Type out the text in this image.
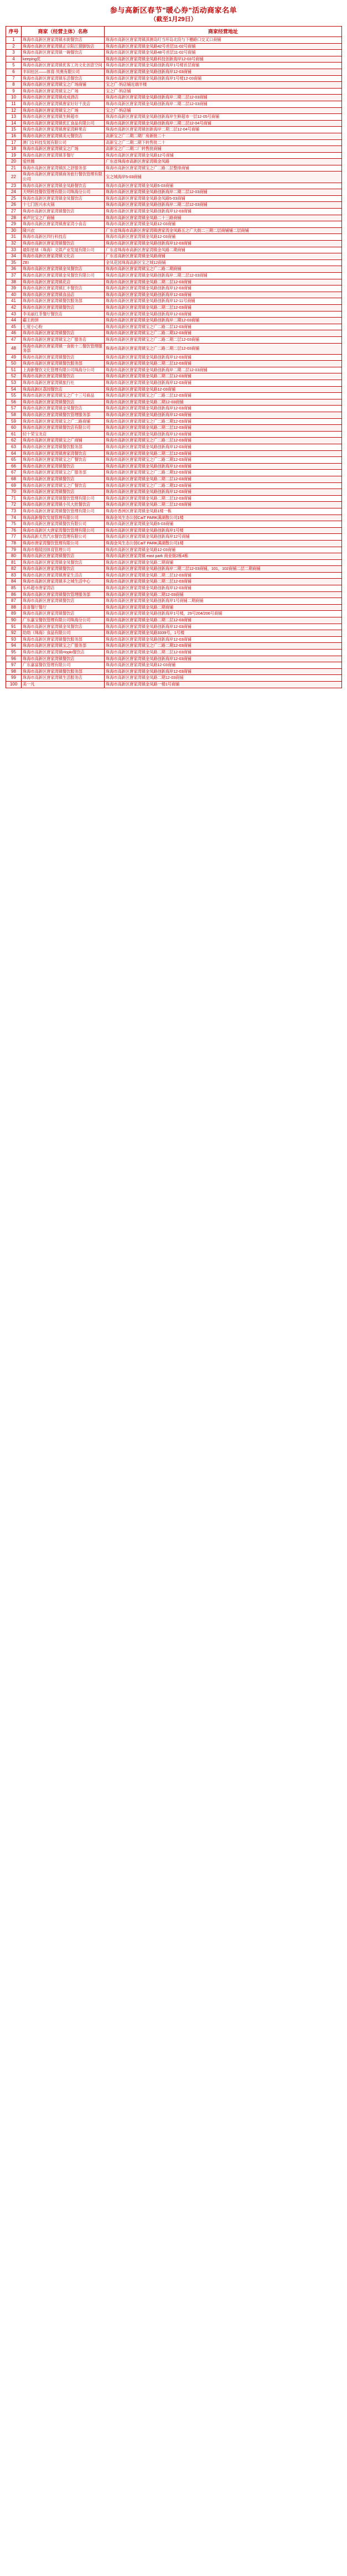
参与高新区春节"暖心券"活动商家名单
（截至1月29日）
序号	商家（经营主体）名称	商家经营地址
1	珠海市高新区唐家湾镇水街餐饮店	珠海市高新区唐家湾镇淇澳岛叮当环岛北段与下栅路口交叉口商铺
2	珠海市高新区唐家湾镇正宗阳江猪脚饭店	珠海市高新区唐家湾镇金凤路42号首层11-02号商铺
3	珠海市高新区唐家湾镇一碗餐饮店	珠海市高新区唐家湾镇金凤路48号首层11-02号商铺
4	keeping优	珠海市高新区唐家湾镇金凤路科技创新海岸12-03号商铺
5	珠海市高新区唐家湾镇优客工坊文化创意空间	珠海市高新区唐家湾镇金凤路创新海岸1号楼首层商铺
6	丰田社区——体育·贝奥有限公司	珠海市高新区唐家湾镇金凤路创新海岸12-03商铺
7	珠海市高新区唐家湾镇乐活餐饮店	珠海市高新区唐家湾镇金凤路创新海岸1号楼12-03商铺
8	珠海市高新区唐家湾镇宝之广场商铺	宝之广·妈店铺近端半楼
9	珠海市高新区唐家湾镇宝之广场	宝之广·妈店铺
10	珠海市高新区唐家湾镇成成酒店	珠海市高新区唐家湾镇金凤路创新海岸二期二层12-03商铺
11	珠海市高新区唐家湾镇唐家好好干洗店	珠海市高新区唐家湾镇金凤路创新海岸二期二层12-03商铺
12	珠海市高新区唐家湾镇宝之广场	宝之广·妈店铺
13	珠海市高新区唐家湾镇生鲜超市	珠海市高新区唐家湾镇金凤路创新海岸生鲜超市一层12-05号商铺
14	珠海市高新区唐家湾镇优汇食品有限公司	珠海市高新区唐家湾镇金凤路创新海岸二期二层12-04号商铺
15	珠海市高新区唐家湾镇唐家湾鲜果店	珠海市高新区唐家湾镇创新海岸二期二层12-04号商铺
16	珠海市高新区唐家湾镇美元餐饮店	高新宝之广二期二期厂房新批二十
17	澳门女科技发展有限公司	高新宝之广二期二期下转售批二十
18	珠海市高新区唐家湾镇宝之广场	高新宝之广二期二厂转售批商铺
19	珠海市高新区唐家湾镇茶餐厅	珠海市高新区唐家湾镇金凤路12号商铺
20	爱丝薇	广东省珠海市高新区唐家湾镇金凤路
21	珠海市高新区唐家湾镇医之舒服务部	珠海市高新区唐家湾镇宝之广二路二层整排商铺
22	珠海市高新区唐家湾镇商务旅行餐饮管理有限公司	宝之城海岸5-03商铺
23	珠海市高新区唐家湾镇金凤路餐饮店	珠海市高新区唐家湾镇金凤路5-03商铺
24	天明科技餐饮管理有限公司珠海分公司	珠海市高新区唐家湾镇金凤路创新海岸二期二层12-03商铺
25	珠海市高新区唐家湾镇金凤餐饮店	珠海市高新区唐家湾镇金凤路金凤路5-03商铺
26	十七门医兴水火锅	珠海市高新区唐家湾镇金凤路创新海岸二期二层12-03商铺
27	珠海市高新区唐家湾镇餐饮店	珠海市高新区唐家湾镇金凤路创新海岸12-03商铺
28	承声比宝之广商铺	珠海市高新区唐家湾镇金凤路二十三路商铺
29	珠海市高新区唐家湾镇唐家湾小食店	珠海市高新区唐家湾镇金凤路12-03商铺
30	隆兴衣	广东省珠海市高新区唐家湾镇唐家湾金凤路五之广大街二三期二层商铺铺二层商铺
31	珠海市高新区四行科技店	珠海市高新区唐家湾镇金凤路12-03商铺
32	珠海市高新区唐家湾镇餐饮店	珠海市高新区唐家湾镇金凤路创新海岸12-03商铺
33	最阳星球（珠海）文娱产业发展有限公司	广东省珠海市高新区唐家湾镇金凤路二期商铺
34	珠海市高新区唐家湾镇文化店	广东省高新区唐家湾镇金凤路商铺
35	ZEI	金凤花园珠海高新区宝之城12商铺
36	珠海市高新区唐家湾镇金凤餐饮店	珠海市高新区唐家湾镇宝之广二路二期商铺
37	珠海市高新区唐家湾镇金凤餐饮有限公司	珠海市高新区唐家湾镇金凤路创新海岸二期二层12-03商铺
38	珠海市高新区唐家湾镇花店	珠海市高新区唐家湾镇金凤路二期二层12-03商铺
39	珠海市高新区唐家湾镇汇丰餐饮店	珠海市高新区唐家湾镇金凤路创新海岸12-03商铺
40	珠海市高新区唐家湾镇食品店	珠海市高新区唐家湾镇金凤路创新海岸12-03商铺
41	珠海市高新区唐家湾镇餐饮服务部	珠海市高新区唐家湾镇金凤路创新海岸12-11号商铺
42	珠海市高新区唐家湾镇餐饮店	珠海市高新区唐家湾镇金凤路二期二层12-03商铺
43	李美丽红茶餐厅餐饮店	珠海市高新区唐家湾镇金凤路创新海岸12-03商铺
44	霸王的饼	珠海市高新区唐家湾镇金凤路创新海岸二期12-03商铺
45	七度小心粉	珠海市高新区唐家湾镇宝之广二路二层12-03商铺
46	珠海市高新区唐家湾镇餐饮店	珠海市高新区唐家湾镇宝之广二路二期12-03商铺
47	珠海市高新区唐家湾镇宝之广服务店	珠海市高新区唐家湾镇宝之广二路二期二层12-03商铺
48	珠海市高新区唐家湾镇一食街十二餐饮管理服务部	珠海市高新区唐家湾镇宝之广二路二期二层12-03商铺
49	珠海市高新区唐家湾镇餐饮店	珠海市高新区唐家湾镇金凤路创新海岸12-03商铺
50	珠海市高新区唐家湾镇餐饮服务部	珠海市高新区唐家湾镇金凤路二期二层12-03商铺
51	上海新餐饮文化管理有限公司珠海分公司	珠海市高新区唐家湾镇金凤路创新海岸二期二层12-03商铺
52	珠海市高新区唐家湾镇餐饮店	珠海市高新区唐家湾镇金凤路二期二层12-03商铺
53	珠海市高新区唐家湾镇旅行社	珠海市高新区唐家湾镇金凤路创新海岸12-03商铺
54	珠海高新区荔园餐饮店	珠海市高新区唐家湾镇金凤路12-03商铺
55	珠海市高新区唐家湾镇宝之广十三号商品	珠海市高新区唐家湾镇宝之广二路二层12-03商铺
56	珠海市高新区唐家湾镇餐饮店	珠海市高新区唐家湾镇金凤路二期12-03商铺
57	珠海市高新区唐家湾镇金凤餐饮店	珠海市高新区唐家湾镇金凤路创新海岸12-03商铺
58	珠海市高新区唐家湾镇餐饮管理服务部	珠海市高新区唐家湾镇金凤路创新海岸12-03商铺
59	珠海市高新区唐家湾镇宝之广二路商铺	珠海市高新区唐家湾镇宝之广二路二期12-03商铺
60	珠海市高新区唐家湾镇餐饮店有限公司	珠海市高新区唐家湾镇金凤路二期二层12-03商铺
61	轻十荣宝龙店	珠海市高新区唐家湾镇金凤路创新海岸12-03商铺
62	珠海市高新区唐家湾镇宝之广商铺	珠海市高新区唐家湾镇宝之广二路二层12-03商铺
63	珠海市高新区唐家湾镇餐饮服务部	珠海市高新区唐家湾镇金凤路创新海岸12-03商铺
64	珠海市高新区唐家湾镇唐家湾餐饮店	珠海市高新区唐家湾镇金凤路二期二层12-03商铺
65	珠海市高新区唐家湾镇宝之广餐饮店	珠海市高新区唐家湾镇宝之广二路二期12-03商铺
66	珠海市高新区唐家湾镇餐饮店	珠海市高新区唐家湾镇金凤路创新海岸12-03商铺
67	珠海市高新区唐家湾镇宝之广服务部	珠海市高新区唐家湾镇宝之广二路二期12-03商铺
68	珠海市高新区唐家湾镇餐饮店	珠海市高新区唐家湾镇金凤路二期二层12-03商铺
69	珠海市高新区唐家湾镇宝之广餐饮店	珠海市高新区唐家湾镇宝之广二路二期12-03商铺
70	珠海市高新区唐家湾镇餐饮店	珠海市高新区唐家湾镇金凤路创新海岸12-03商铺
71	珠海市高新区唐家湾镇餐饮管理有限公司	珠海市高新区唐家湾镇金凤路二期二层12-03商铺
72	珠海市高新区唐家湾镇小贝大批餐饮店	珠海市高新区唐家湾镇金凤路二期二层12-03商铺
73	珠海市高新区唐家湾镇餐饮管理有限公司	珠海市香洲区唐家湾镇金凤路1楼一栋
74	珠海高新餐饮发展管理有限公司	珠海金凤生态公园CaiT PARK满湖散公司1楼
75	珠海市高新区唐家湾镇餐饮有限公司	珠海市高新区唐家湾镇金凤路5-03商铺
76	珠海市高新区大唐家湾餐饮管理有限公司	珠海市高新区唐家湾镇金凤路创新海岸1号楼
77	珠海高新天然汽水餐饮管理有限公司	珠海市高新区唐家湾镇金凤路创新海岸12号商铺
78	珠海市唐家湾餐饮管理有限公司	珠海金凤生态公园CaiT PARK满湖散公司1楼
79	珠海市格陵园体育管理公司	珠海市高新区唐家湾镇金凤路12-03商铺
80	珠海市高新区唐家湾镇餐饮店	珠海市高新区唐家湾镇 east park 商业街2栋4栋
81	珠海市高新区唐家湾镇金凤餐饮店	珠海市高新区唐家湾镇金凤路二期商铺
82	珠海市高新区唐家湾镇餐饮店	珠海市高新区唐家湾镇金凤路创新海岸二期二层12-03商铺，101，102商铺二层二期商铺
83	珠海市高新区唐家湾镇唐家生活店	珠海市高新区唐家湾镇金凤路二期二层12-03商铺
84	珠海市高新区唐家湾镇多之城生活中心	珠海市高新区唐家湾镇金凤路二期二层12-03商铺
85	乐科超市唐家湾店	珠海市高新区唐家湾镇金凤路创新海岸12-03商铺
86	珠海市高新区唐家湾镇餐饮管理服务部	珠海市高新区唐家湾镇金凤路二期12-03商铺
87	珠海市高新区唐家湾镇餐饮店	珠海市高新区唐家湾镇金凤路创新海岸1号商铺二期商铺
88	喜喜餐厅餐厅	珠海市高新区唐家湾镇金凤路二期商铺
89	珠海市高新区唐家湾镇餐饮店	珠海市高新区唐家湾镇金凤路创新海岸1号楼，29号204/206号商铺
90	广东嘉宝餐饮管理有限公司珠海分公司	珠海市高新区唐家湾镇金凤路二期二层12-03商铺
91	珠海市高新区唐家湾镇金凤餐饮店	珠海市高新区唐家湾镇金凤路创新海岸12-03商铺
92	幼幼（珠海）食品有限公司	珠海市高新区唐家湾镇金凤路3339号，1号楼
93	珠海市高新区唐家湾镇餐饮服务部	珠海市高新区唐家湾镇金凤路创新海岸12-03商铺
94	珠海市高新区唐家湾镇宝之广服务部	珠海市高新区唐家湾镇宝之广二路二期12-03商铺
95	珠海市高新区唐家湾镇Hopki餐饮店	珠海市高新区唐家湾镇金凤路二期二层12-03商铺
96	珠海市高新区唐家湾镇餐饮店	珠海市高新区唐家湾镇金凤路创新海岸12-03商铺
97	广东嘉富餐饮管理有限公司	珠海市高新区唐家湾镇金凤路12-03商铺
98	珠海市高新区唐家湾镇餐饮服务部	珠海市高新区唐家湾镇金凤路创新海岸12-03商铺
99	珠海市高新区唐家湾镇生活服务店	珠海市高新区唐家湾镇金凤路二期12-03商铺
100	美一凡	珠海市高新区唐家湾镇金凤路一楼1号商铺
